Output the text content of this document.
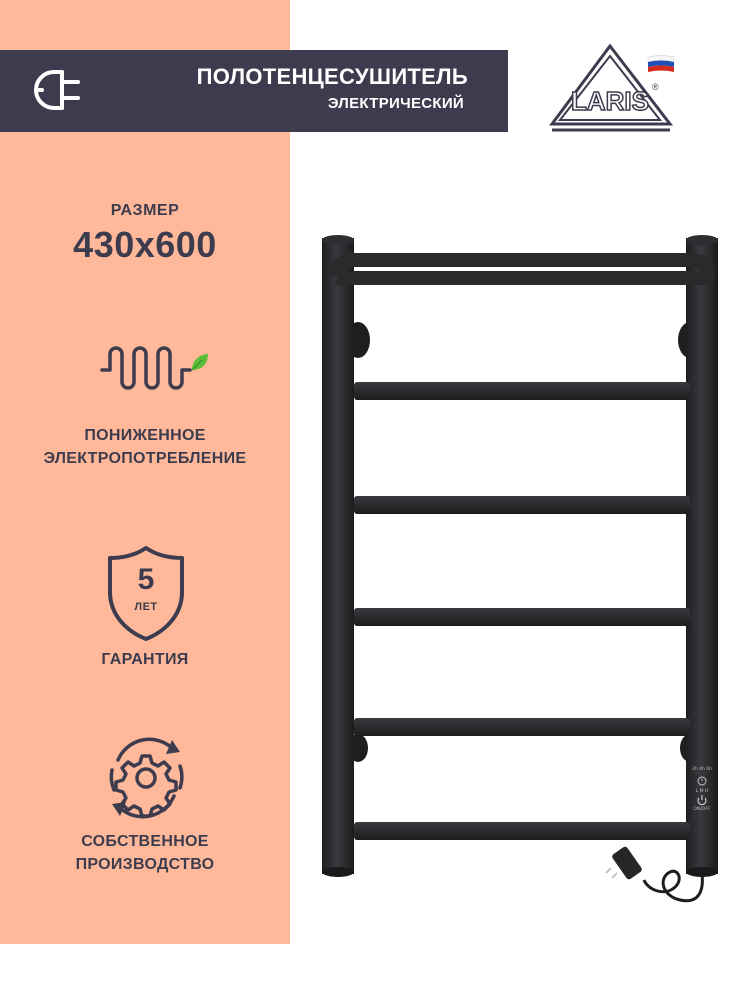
ПОЛОТЕНЦЕСУШИТЕЛЬ
ЭЛЕКТРИЧЕСКИЙ	LARIS ®
РАЗМЕР
430x600
ПОНИЖЕННОЕ
ЭЛЕКТРОПОТРЕБЛЕНИЕ
5
ЛЕТ
ГАРАНТИЯ
СОБСТВЕННОЕ
ПРОИЗВОДСТВО
2h 4h 6h
L M H
ON/OFF
